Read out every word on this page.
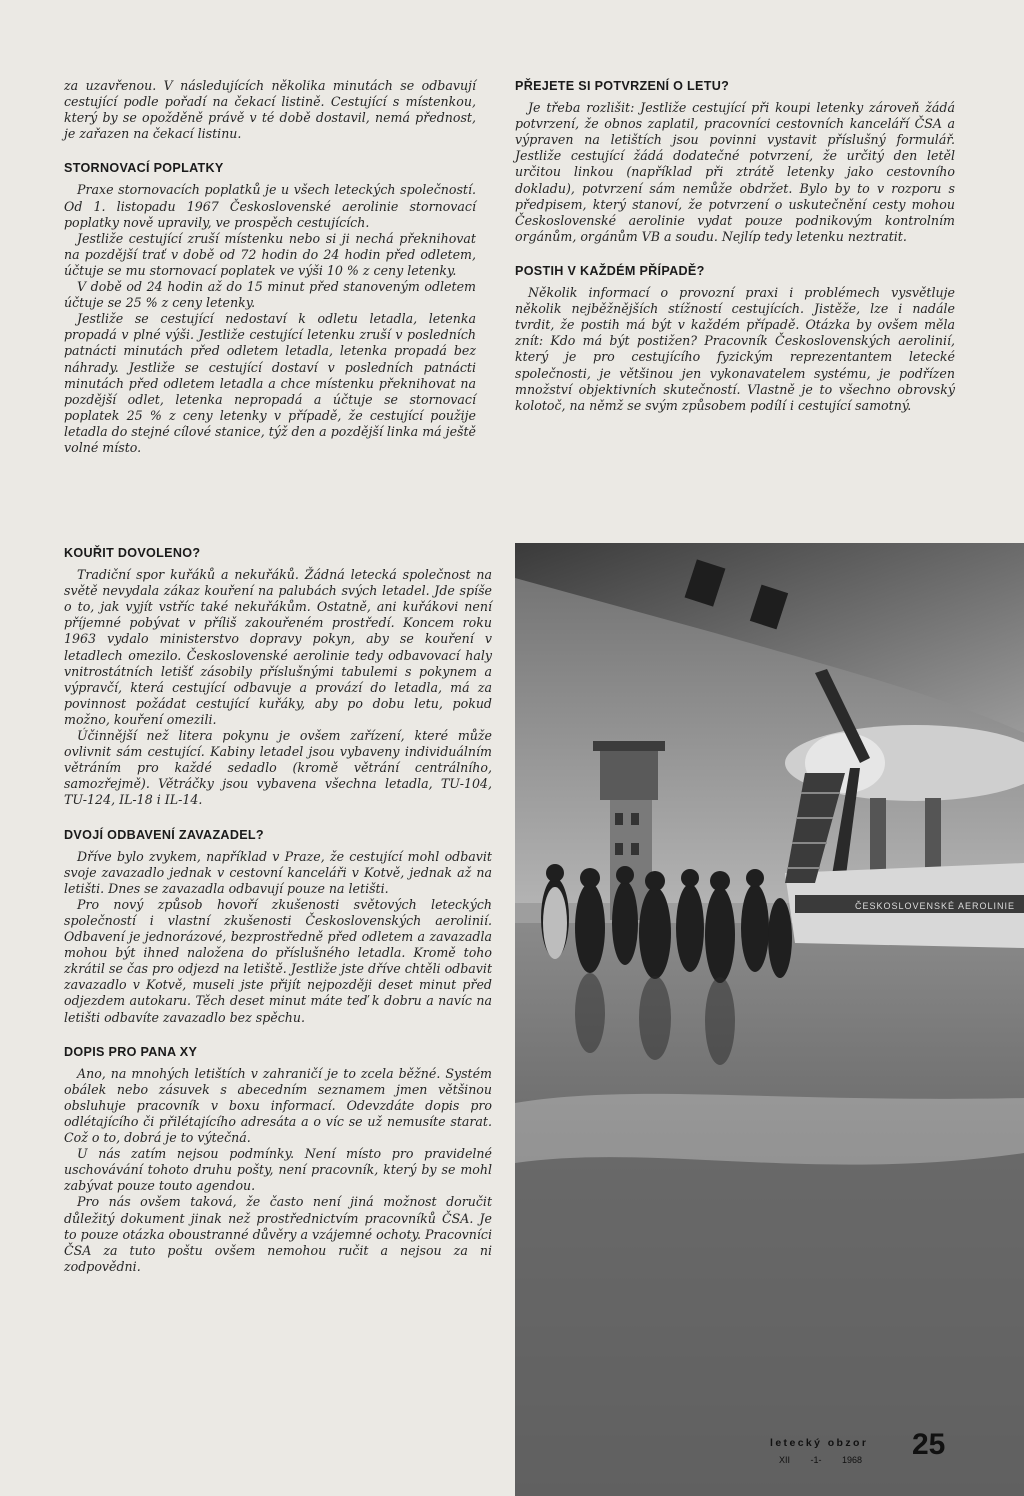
za uzavřenou. V následujících několika minutách se odbavují cestující podle pořadí na čekací listině. Cestující s místenkou, který by se opožděně právě v té době dostavil, nemá přednost, je zařazen na čekací listinu.

STORNOVACÍ POPLATKY

Praxe stornovacích poplatků je u všech leteckých společností. Od 1. listopadu 1967 Československé aerolinie stornovací poplatky nově upravily, ve prospěch cestujících.

Jestliže cestující zruší místenku nebo si ji nechá překnihovat na pozdější trať v době od 72 hodin do 24 hodin před odletem, účtuje se mu stornovací poplatek ve výši 10 % z ceny letenky.

V době od 24 hodin až do 15 minut před stanoveným odletem účtuje se 25 % z ceny letenky.

Jestliže se cestující nedostaví k odletu letadla, letenka propadá v plné výši. Jestliže cestující letenku zruší v posledních patnácti minutách před odletem letadla, letenka propadá bez náhrady. Jestliže se cestující dostaví v posledních patnácti minutách před odletem letadla a chce místenku překnihovat na pozdější odlet, letenka nepropadá a účtuje se stornovací poplatek 25 % z ceny letenky v případě, že cestující použije letadla do stejné cílové stanice, týž den a pozdější linka má ještě volné místo.

PŘEJETE SI POTVRZENÍ O LETU?

Je třeba rozlišit: Jestliže cestující při koupi letenky zároveň žádá potvrzení, že obnos zaplatil, pracovníci cestovních kanceláří ČSA a výpraven na letištích jsou povinni vystavit příslušný formulář. Jestliže cestující žádá dodatečné potvrzení, že určitý den letěl určitou linkou (například při ztrátě letenky jako cestovního dokladu), potvrzení sám nemůže obdržet. Bylo by to v rozporu s předpisem, který stanoví, že potvrzení o uskutečnění cesty mohou Československé aerolinie vydat pouze podnikovým kontrolním orgánům, orgánům VB a soudu. Nejlíp tedy letenku neztratit.

POSTIH V KAŽDÉM PŘÍPADĚ?

Několik informací o provozní praxi i problémech vysvětluje několik nejběžnějších stížností cestujících. Jistěže, lze i nadále tvrdit, že postih má být v každém případě. Otázka by ovšem měla znít: Kdo má být postižen? Pracovník Československých aerolinií, který je pro cestujícího fyzickým reprezentantem letecké společnosti, je většinou jen vykonavatelem systému, je podřízen množství objektivních skutečností. Vlastně je to všechno obrovský kolotoč, na němž se svým způsobem podílí i cestující samotný.

KOUŘIT DOVOLENO?

Tradiční spor kuřáků a nekuřáků. Žádná letecká společnost na světě nevydala zákaz kouření na palubách svých letadel. Jde spíše o to, jak vyjít vstříc také nekuřákům. Ostatně, ani kuřákovi není příjemné pobývat v příliš zakouřeném prostředí. Koncem roku 1963 vydalo ministerstvo dopravy pokyn, aby se kouření v letadlech omezilo. Československé aerolinie tedy odbavovací haly vnitrostátních letišť zásobily příslušnými tabulemi s pokynem a výpravčí, která cestující odbavuje a provází do letadla, má za povinnost požádat cestující kuřáky, aby po dobu letu, pokud možno, kouření omezili.

Účinnější než litera pokynu je ovšem zařízení, které může ovlivnit sám cestující. Kabiny letadel jsou vybaveny individuálním větráním pro každé sedadlo (kromě větrání centrálního, samozřejmě). Větráčky jsou vybavena všechna letadla, TU-104, TU-124, IL-18 i IL-14.

DVOJÍ ODBAVENÍ ZAVAZADEL?

Dříve bylo zvykem, například v Praze, že cestující mohl odbavit svoje zavazadlo jednak v cestovní kanceláři v Kotvě, jednak až na letišti. Dnes se zavazadla odbavují pouze na letišti.

Pro nový způsob hovoří zkušenosti světových leteckých společností i vlastní zkušenosti Československých aerolinií. Odbavení je jednorázové, bezprostředně před odletem a zavazadla mohou být ihned naložena do příslušného letadla. Kromě toho zkrátil se čas pro odjezd na letiště. Jestliže jste dříve chtěli odbavit zavazadlo v Kotvě, museli jste přijít nejpozději deset minut před odjezdem autokaru. Těch deset minut máte teď k dobru a navíc na letišti odbavíte zavazadlo bez spěchu.

DOPIS PRO PANA XY

Ano, na mnohých letištích v zahraničí je to zcela běžné. Systém obálek nebo zásuvek s abecedním seznamem jmen většinou obsluhuje pracovník v boxu informací. Odevzdáte dopis pro odlétajícího či přilétajícího adresáta a o víc se už nemusíte starat. Což o to, dobrá je to výtečná.

U nás zatím nejsou podmínky. Není místo pro pravidelné uschovávání tohoto druhu pošty, není pracovník, který by se mohl zabývat pouze touto agendou.

Pro nás ovšem taková, že často není jiná možnost doručit důležitý dokument jinak než prostřednictvím pracovníků ČSA. Je to pouze otázka oboustranné důvěry a vzájemné ochoty. Pracovníci ČSA za tuto poštu ovšem nemohou ručit a nejsou za ni zodpovědni.

ČESKOSLOVENSKÉ AEROLINIE
letecký obzor
XII -1- 1968 25
